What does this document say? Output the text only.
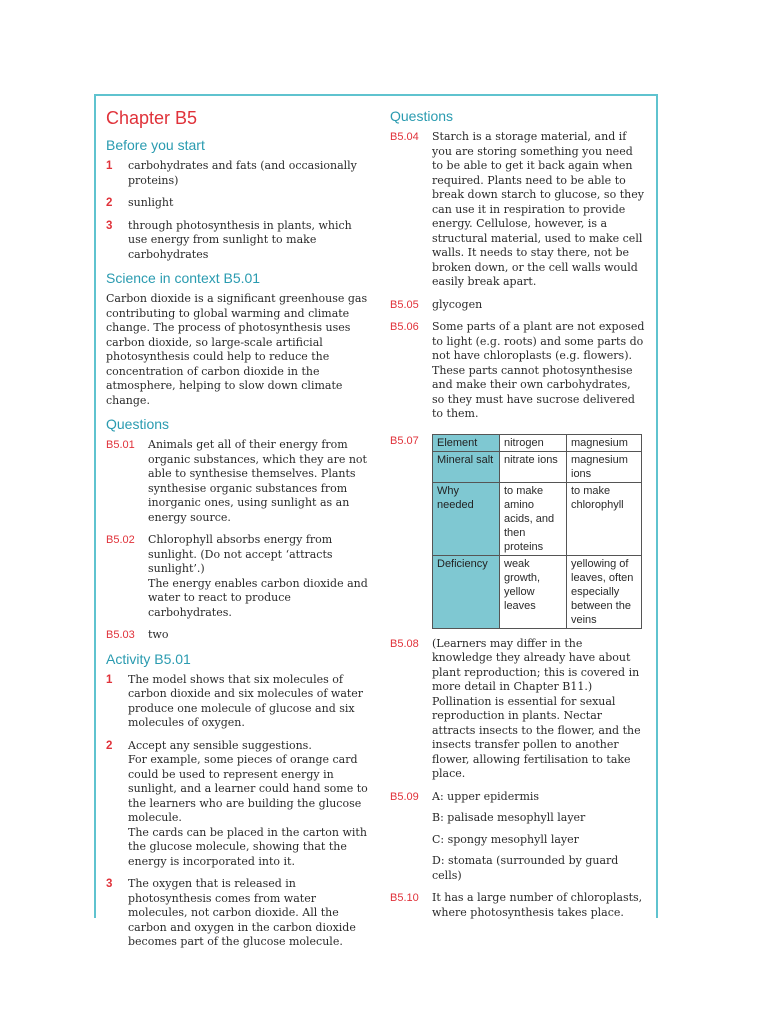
Chapter B5
Before you start
1	carbohydrates and fats (and occasionally proteins)
2	sunlight
3	through photosynthesis in plants, which use energy from sunlight to make carbohydrates
Science in context B5.01
Carbon dioxide is a significant greenhouse gas contributing to global warming and climate change. The process of photosynthesis uses carbon dioxide, so large-scale artificial photosynthesis could help to reduce the concentration of carbon dioxide in the atmosphere, helping to slow down climate change.
Questions
B5.01	Animals get all of their energy from organic substances, which they are not able to synthesise themselves. Plants synthesise organic substances from inorganic ones, using sunlight as an energy source.
B5.02	Chlorophyll absorbs energy from sunlight. (Do not accept ‘attracts sunlight’.)
The energy enables carbon dioxide and water to react to produce carbohydrates.
B5.03	two
Activity B5.01
1	The model shows that six molecules of carbon dioxide and six molecules of water produce one molecule of glucose and six molecules of oxygen.
2	Accept any sensible suggestions.
For example, some pieces of orange card could be used to represent energy in sunlight, and a learner could hand some to the learners who are building the glucose molecule.
The cards can be placed in the carton with the glucose molecule, showing that the energy is incorporated into it.
3	The oxygen that is released in photosynthesis comes from water molecules, not carbon dioxide. All the carbon and oxygen in the carbon dioxide becomes part of the glucose molecule.
Questions
B5.04	Starch is a storage material, and if you are storing something you need to be able to get it back again when required. Plants need to be able to break down starch to glucose, so they can use it in respiration to provide energy. Cellulose, however, is a structural material, used to make cell walls. It needs to stay there, not be broken down, or the cell walls would easily break apart.
B5.05	glycogen
B5.06	Some parts of a plant are not exposed to light (e.g. roots) and some parts do not have chloroplasts (e.g. flowers). These parts cannot photosynthesise and make their own carbohydrates, so they must have sucrose delivered to them.
B5.07	Element	nitrogen	magnesium
Mineral salt	nitrate ions	magnesium ions
Why needed	to make amino acids, and then proteins	to make chlorophyll
Deficiency	weak growth, yellow leaves	yellowing of leaves, often especially between the veins
B5.08	(Learners may differ in the knowledge they already have about plant reproduction; this is covered in more detail in Chapter B11.) Pollination is essential for sexual reproduction in plants. Nectar attracts insects to the flower, and the insects transfer pollen to another flower, allowing fertilisation to take place.
B5.09	A: upper epidermis
B: palisade mesophyll layer
C: spongy mesophyll layer
D: stomata (surrounded by guard cells)
B5.10	It has a large number of chloroplasts, where photosynthesis takes place.
